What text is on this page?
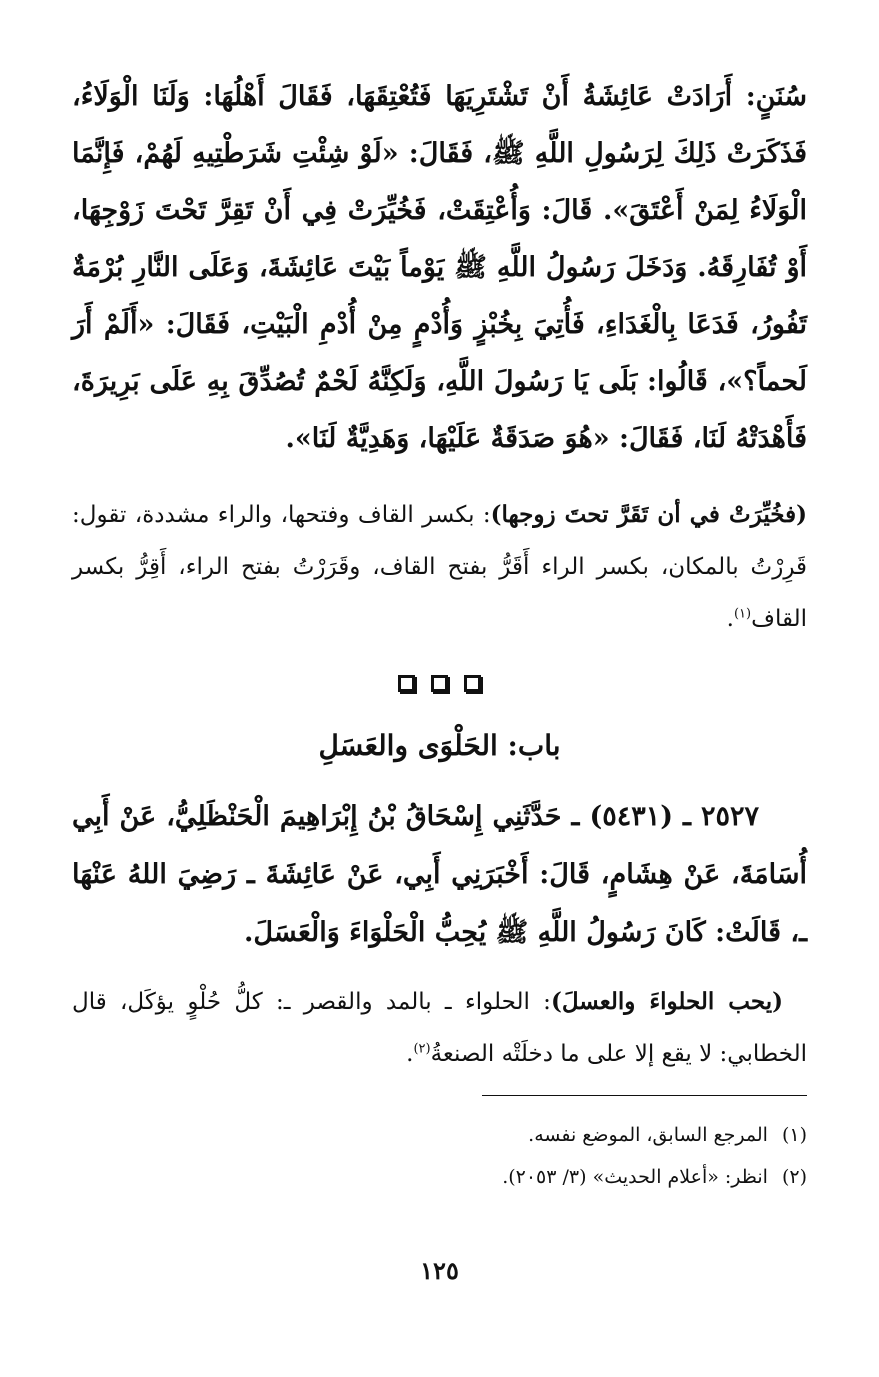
سُنَنٍ: أَرَادَتْ عَائِشَةُ أَنْ تَشْتَرِيَهَا فَتُعْتِقَهَا، فَقَالَ أَهْلُهَا: وَلَنَا الْوَلَاءُ، فَذَكَرَتْ ذَلِكَ لِرَسُولِ اللَّهِ ﷺ، فَقَالَ: «لَوْ شِئْتِ شَرَطْتِيهِ لَهُمْ، فَإِنَّمَا الْوَلَاءُ لِمَنْ أَعْتَقَ». قَالَ: وَأُعْتِقَتْ، فَخُيِّرَتْ فِي أَنْ تَقِرَّ تَحْتَ زَوْجِهَا، أَوْ تُفَارِقَهُ. وَدَخَلَ رَسُولُ اللَّهِ ﷺ يَوْماً بَيْتَ عَائِشَةَ، وَعَلَى النَّارِ بُرْمَةٌ تَفُورُ، فَدَعَا بِالْغَدَاءِ، فَأُتِيَ بِخُبْزٍ وَأُدْمٍ مِنْ أُدْمِ الْبَيْتِ، فَقَالَ: «أَلَمْ أَرَ لَحماً؟»، قَالُوا: بَلَى يَا رَسُولَ اللَّهِ، وَلَكِنَّهُ لَحْمٌ تُصُدِّقَ بِهِ عَلَى بَرِيرَةَ، فَأَهْدَتْهُ لَنَا، فَقَالَ: «هُوَ صَدَقَةٌ عَلَيْهَا، وَهَدِيَّةٌ لَنَا».

(فخُيِّرَتْ في أن تَقَرَّ تحتَ زوجها): بكسر القاف وفتحها، والراء مشددة، تقول: قَرِرْتُ بالمكان، بكسر الراء أَقَرُّ بفتح القاف، وقَرَرْتُ بفتح الراء، أَقِرُّ بكسر القاف$^{(١)}$.

باب: الحَلْوَى والعَسَلِ

٢٥٢٧ ـ (٥٤٣١) ـ حَدَّثَنِي إِسْحَاقُ بْنُ إِبْرَاهِيمَ الْحَنْظَلِيُّ، عَنْ أَبِي أُسَامَةَ، عَنْ هِشَامٍ، قَالَ: أَخْبَرَنِي أَبِي، عَنْ عَائِشَةَ ـ رَضِيَ اللهُ عَنْهَا ـ، قَالَتْ: كَانَ رَسُولُ اللَّهِ ﷺ يُحِبُّ الْحَلْوَاءَ وَالْعَسَلَ.

(يحب الحلواءَ والعسلَ): الحلواء ـ بالمد والقصر ـ: كلُّ حُلْوٍ يؤكَل، قال الخطابي: لا يقع إلا على ما دخلَتْه الصنعةُ$^{(٢)}$.

(١)
المرجع السابق، الموضع نفسه.
(٢)
انظر: «أعلام الحديث» (٣/ ٢٠٥٣).
١٢٥
